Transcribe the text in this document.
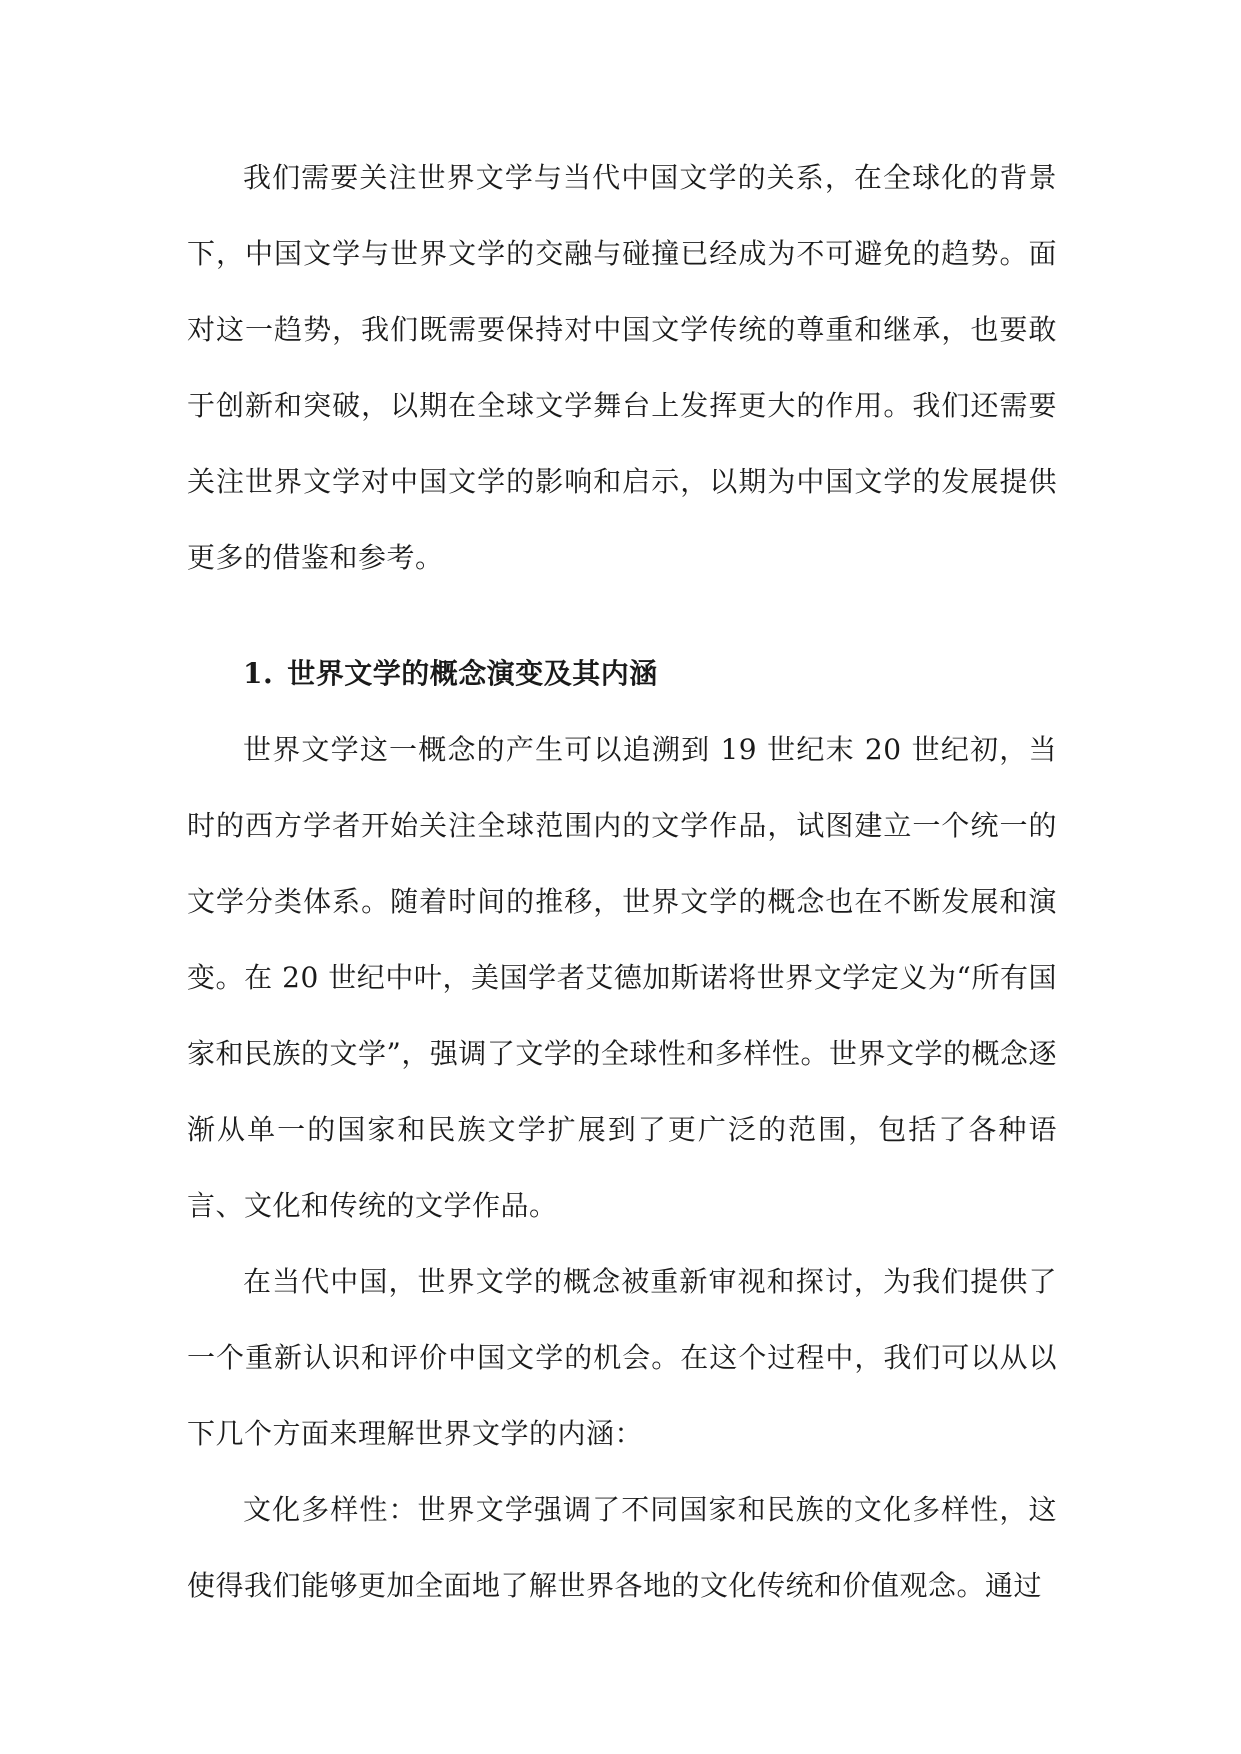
我们需要关注世界文学与当代中国文学的关系，在全球化的背景下，中国文学与世界文学的交融与碰撞已经成为不可避免的趋势。面对这一趋势，我们既需要保持对中国文学传统的尊重和继承，也要敢于创新和突破，以期在全球文学舞台上发挥更大的作用。我们还需要关注世界文学对中国文学的影响和启示，以期为中国文学的发展提供更多的借鉴和参考。

1. 世界文学的概念演变及其内涵

世界文学这一概念的产生可以追溯到 19 世纪末 20 世纪初，当时的西方学者开始关注全球范围内的文学作品，试图建立一个统一的文学分类体系。随着时间的推移，世界文学的概念也在不断发展和演变。在 20 世纪中叶，美国学者艾德加斯诺将世界文学定义为“所有国家和民族的文学”，强调了文学的全球性和多样性。世界文学的概念逐渐从单一的国家和民族文学扩展到了更广泛的范围，包括了各种语言、文化和传统的文学作品。

在当代中国，世界文学的概念被重新审视和探讨，为我们提供了一个重新认识和评价中国文学的机会。在这个过程中，我们可以从以下几个方面来理解世界文学的内涵：

文化多样性：世界文学强调了不同国家和民族的文化多样性，这使得我们能够更加全面地了解世界各地的文化传统和价值观念。通过
